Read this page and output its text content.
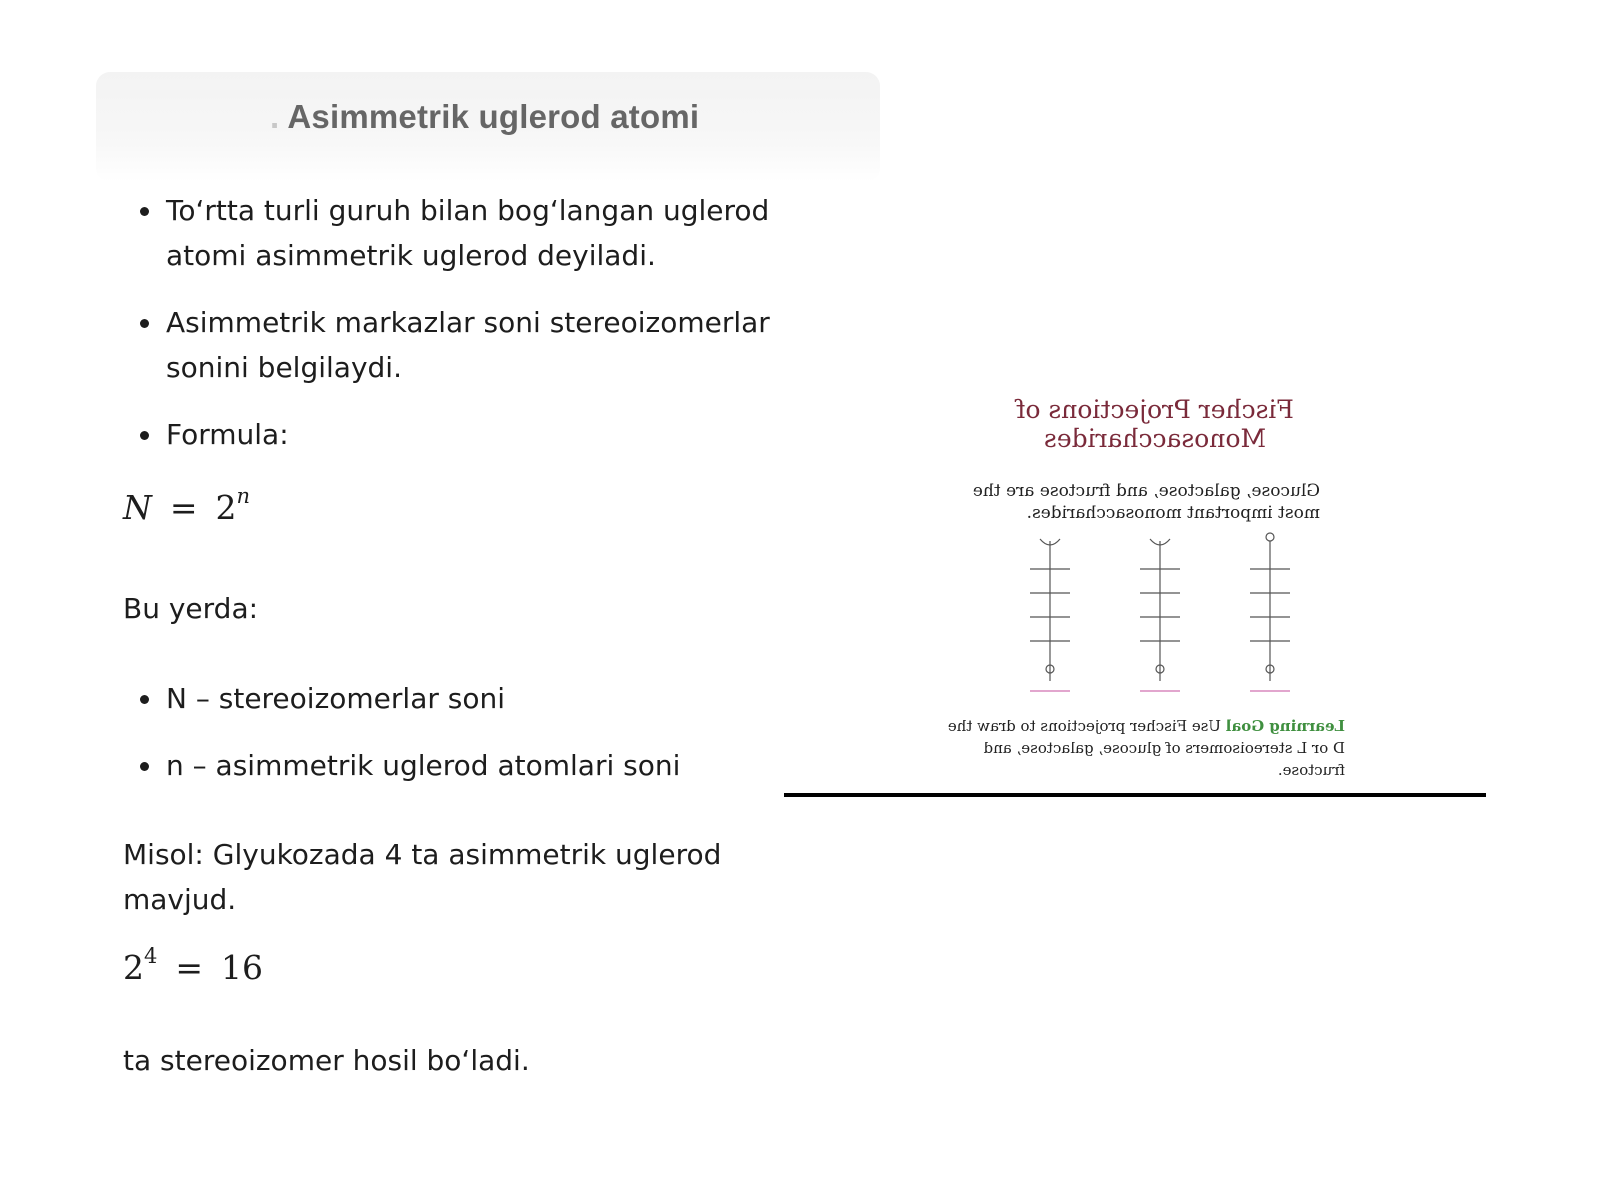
. Asimmetrik uglerod atomi
To‘rtta turli guruh bilan bog‘langan uglerod atomi asimmetrik uglerod deyiladi.
Asimmetrik markazlar soni stereoizomerlar sonini belgilaydi.
Formula:
$N = 2^n$
Bu yerda:
N – stereoizomerlar soni
n – asimmetrik uglerod atomlari soni
Misol: Glyukozada 4 ta asimmetrik uglerod mavjud.
$2^4 = 16$
ta stereoizomer hosil bo‘ladi.
Fischer Projections of Monosaccharides
Glucose, galactose, and fructose are the most important monosaccharides.
Learning Goal Use Fischer projections to draw the D or L stereoisomers of glucose, galactose, and fructose.
